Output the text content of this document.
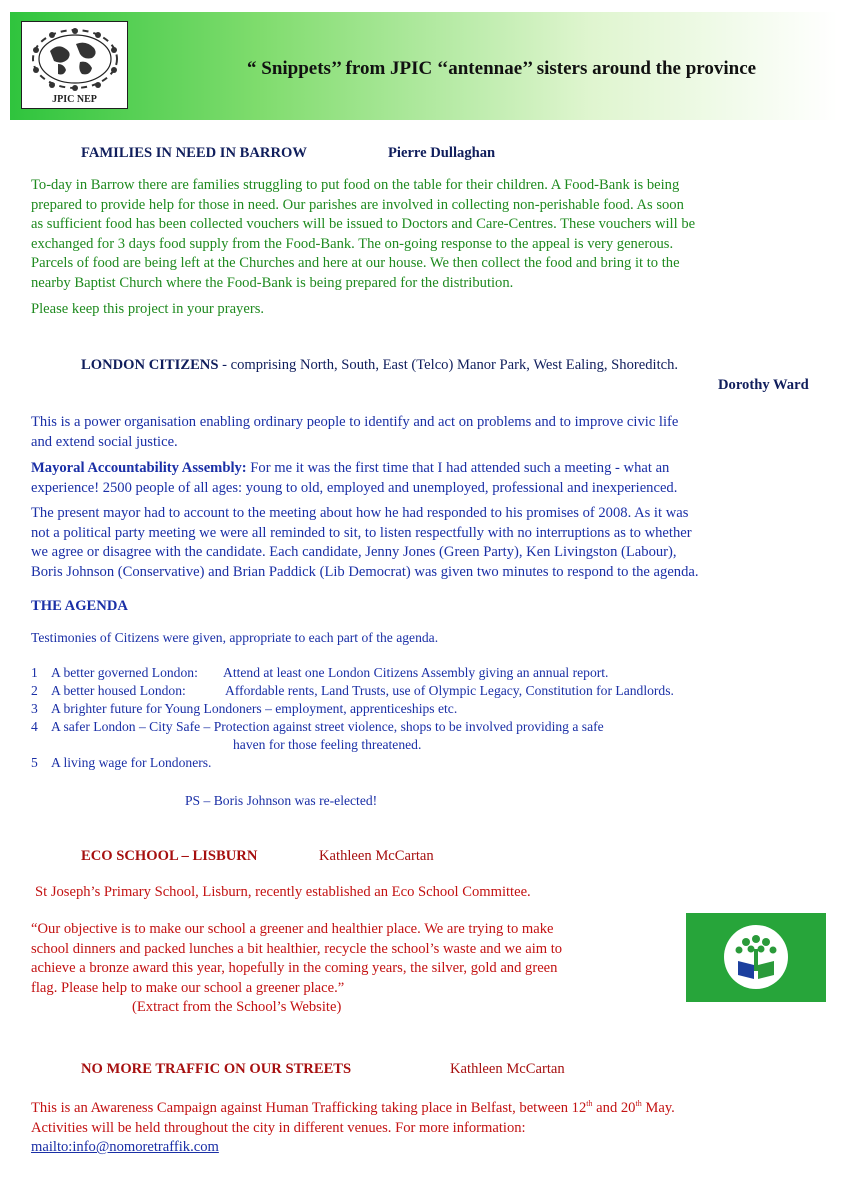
JPIC NEP
“ Snippets’’ from JPIC ‘‘antennae’’ sisters around the province
FAMILIES IN NEED IN BARROW	Pierre Dullaghan
To-day in Barrow there are families struggling to put food on the table for their children. A Food-Bank is being
prepared to provide help for those in need. Our parishes are involved in collecting non-perishable food. As soon
as sufficient food has been collected vouchers will be issued to Doctors and Care-Centres. These vouchers will be
exchanged for 3 days food supply from the Food-Bank. The on-going response to the appeal is very generous.
Parcels of food are being left at the Churches and here at our house. We then collect the food and bring it to the
nearby Baptist Church where the Food-Bank is being prepared for the distribution.
Please keep this project in your prayers.
LONDON CITIZENS - comprising North, South, East (Telco) Manor Park, West Ealing, Shoreditch.
Dorothy Ward
This is a power organisation enabling ordinary people to identify and act on problems and to improve civic life
and extend social justice.
Mayoral Accountability Assembly: For me it was the first time that I had attended such a meeting - what an
experience! 2500 people of all ages: young to old, employed and unemployed, professional and inexperienced.
The present mayor had to account to the meeting about how he had responded to his promises of 2008. As it was
not a political party meeting we were all reminded to sit, to listen respectfully with no interruptions as to whether
we agree or disagree with the candidate. Each candidate, Jenny Jones (Green Party), Ken Livingston (Labour),
Boris Johnson (Conservative) and Brian Paddick (Lib Democrat) was given two minutes to respond to the agenda.
THE AGENDA
Testimonies of Citizens were given, appropriate to each part of the agenda.
1 A better governed London: Attend at least one London Citizens Assembly giving an annual report.
2 A better housed London:	Affordable rents, Land Trusts, use of Olympic Legacy, Constitution for Landlords.
3 A brighter future for Young Londoners – employment, apprenticeships etc.
4 A safer London – City Safe – Protection against street violence, shops to be involved providing a safe
haven for those feeling threatened.
5 A living wage for Londoners.
PS – Boris Johnson was re-elected!
ECO SCHOOL – LISBURN	Kathleen McCartan
St Joseph’s Primary School, Lisburn, recently established an Eco School Committee.
“Our objective is to make our school a greener and healthier place. We are trying to make
school dinners and packed lunches a bit healthier, recycle the school’s waste and we aim to
achieve a bronze award this year, hopefully in the coming years, the silver, gold and green
flag. Please help to make our school a greener place.”
(Extract from the School’s Website)
NO MORE TRAFFIC ON OUR STREETS	Kathleen McCartan
This is an Awareness Campaign against Human Trafficking taking place in Belfast, between 12th and 20th May.
Activities will be held throughout the city in different venues. For more information:
mailto:info@nomoretraffik.com
